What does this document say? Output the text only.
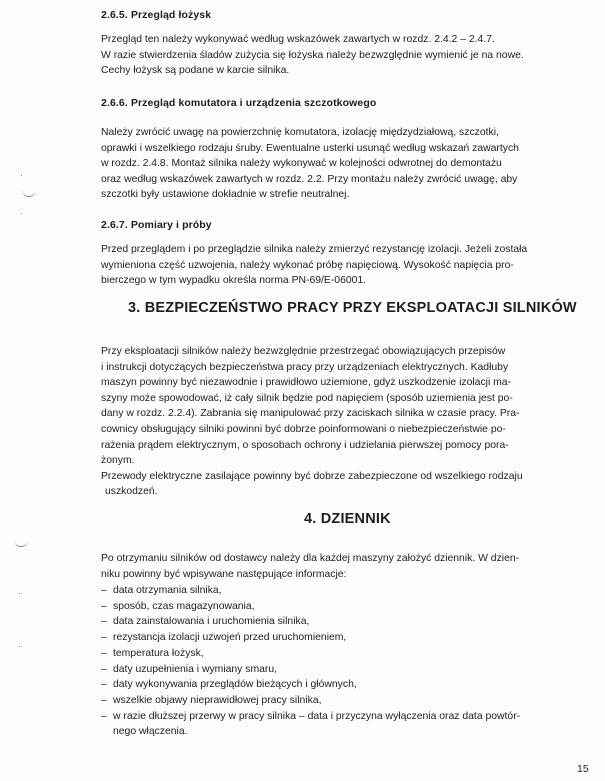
2.6.5. Przegląd łożysk
Przegląd ten należy wykonywać według wskazówek zawartych w rozdz. 2.4.2 – 2.4.7.
W razie stwierdzenia śladów zużycia się łożyska należy bezwzględnie wymienić je na nowe.
Cechy łożysk są podane w karcie silnika.
2.6.6. Przegląd komutatora i urządzenia szczotkowego
Należy zwrócić uwagę na powierzchnię komutatora, izolację międzydziałową, szczotki,
oprawki i wszelkiego rodzaju śruby. Ewentualne usterki usunąć według wskazań zawartych
w rozdz. 2.4.8. Montaż silnika należy wykonywać w kolejności odwrotnej do demontażu
oraz według wskazówek zawartych w rozdz. 2.2. Przy montażu należy zwrócić uwagę, aby
szczotki były ustawione dokładnie w strefie neutralnej.
2.6.7. Pomiary i próby
Przed przeglądem i po przeglądzie silnika należy zmierzyć rezystancję izolacji. Jeżeli została
wymieniona część uzwojenia, należy wykonać próbę napięciową. Wysokość napięcia pro-
bierczego w tym wypadku określa norma PN-69/E-06001.
3. BEZPIECZEŃSTWO PRACY PRZY EKSPLOATACJI SILNIKÓW
Przy eksploatacji silników należy bezwzględnie przestrzegać obowiązujących przepisów
i instrukcji dotyczących bezpieczeństwa pracy przy urządzeniach elektrycznych. Kadłuby
maszyn powinny być niezawodnie i prawidłowo uziemione, gdyż uszkodzenie izolacji ma-
szyny może spowodować, iż cały silnik będzie pod napięciem (sposób uziemienia jest po-
dany w rozdz. 2.2.4). Zabrania się manipulować przy zaciskach silnika w czasie pracy. Pra-
cownicy obsługujący silniki powinni być dobrze poinformowani o niebezpieczeństwie po-
rażenia prądem elektrycznym, o sposobach ochrony i udzielania pierwszej pomocy pora-
żonym.
Przewody elektryczne zasilające powinny być dobrze zabezpieczone od wszelkiego rodzaju
uszkodzeń.
4. DZIENNIK
Po otrzymaniu silników od dostawcy należy dla każdej maszyny założyć dziennik. W dzien-
niku powinny być wpisywane następujące informacje:
– data otrzymania silnika,
– sposób, czas magazynowania,
– data zainstalowania i uruchomienia silnika,
– rezystancja izolacji uzwojeń przed uruchomieniem,
– temperatura łożysk,
– daty uzupełnienia i wymiany smaru,
– daty wykonywania przeglądów bieżących i głównych,
– wszelkie objawy nieprawidłowej pracy silnika,
– w razie dłuższej przerwy w pracy silnika – data i przyczyna wyłączenia oraz data powtór-
nego włączenia.
15
·
·
·
·
